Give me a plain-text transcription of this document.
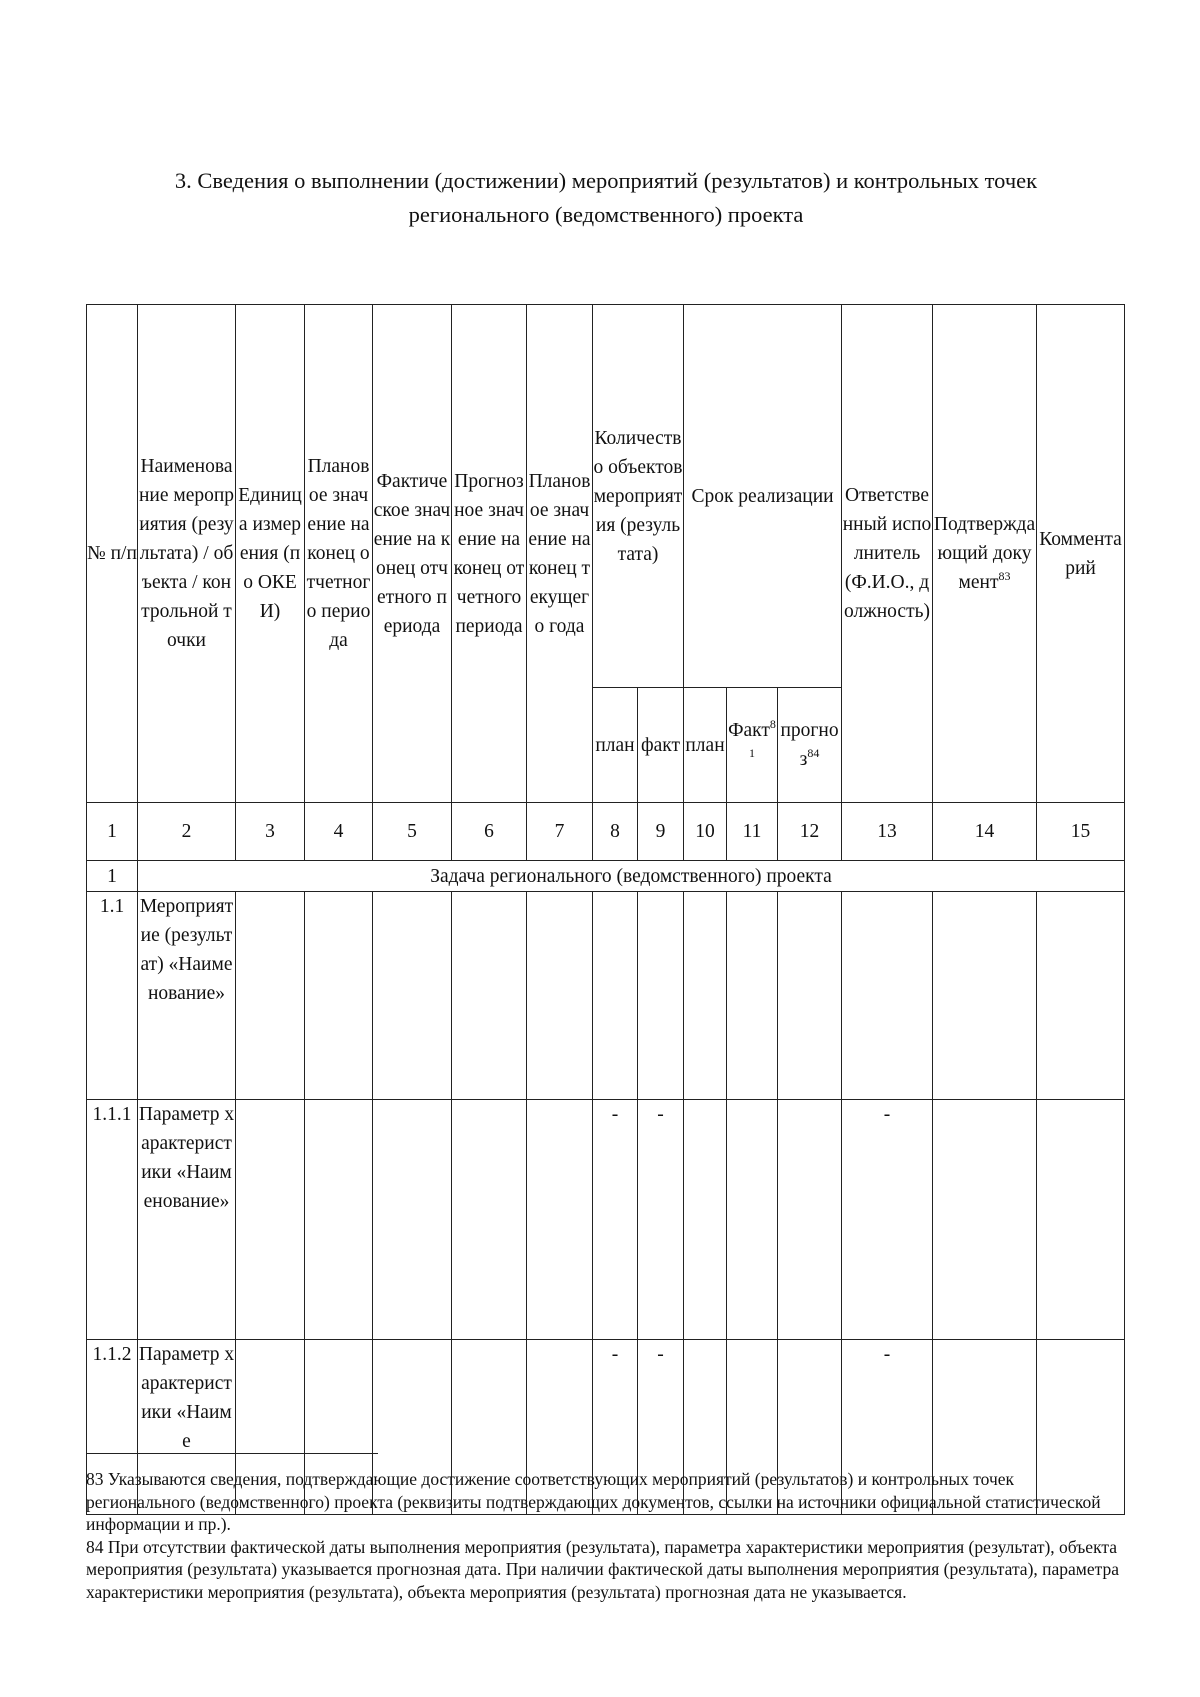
3. Сведения о выполнении (достижении) мероприятий (результатов) и контрольных точек
регионального (ведомственного) проекта
№ п/п	Наименование мероприятия (результата) / объекта / контрольной точки	Единица измерения (по ОКЕИ)	Плановое значение на конец отчетного периода	Фактическое значение на конец отчетного периода	Прогнозное значение на конец отчетного периода	Плановое значение на конец текущего года	Количество объектов мероприятия (результата)		Срок реализации			Ответственный исполнитель (Ф.И.О., должность)	Подтверждающий документ$^{83}$	Комментарий
							план	факт	план	Факт$^{81}$	прогноз$^{84}$
1	2	3	4	5	6	7	8	9	10	11	12	13	14	15
1	Задача регионального (ведомственного) проекта													
1.1	Мероприятие (результат) «Наименование»													
1.1.1	Параметр характеристики «Наименование»						-	-				-		
1.1.2	Параметр характеристики «Наиме						-	-				-		

83 Указываются сведения, подтверждающие достижение соответствующих мероприятий (результатов) и контрольных точек регионального (ведомственного) проекта (реквизиты подтверждающих документов, ссылки на источники официальной статистической информации и пр.).

84 При отсутствии фактической даты выполнения мероприятия (результата), параметра характеристики мероприятия (результат), объекта мероприятия (результата) указывается прогнозная дата. При наличии фактической даты выполнения мероприятия (результата), параметра характеристики мероприятия (результата), объекта мероприятия (результата) прогнозная дата не указывается.
